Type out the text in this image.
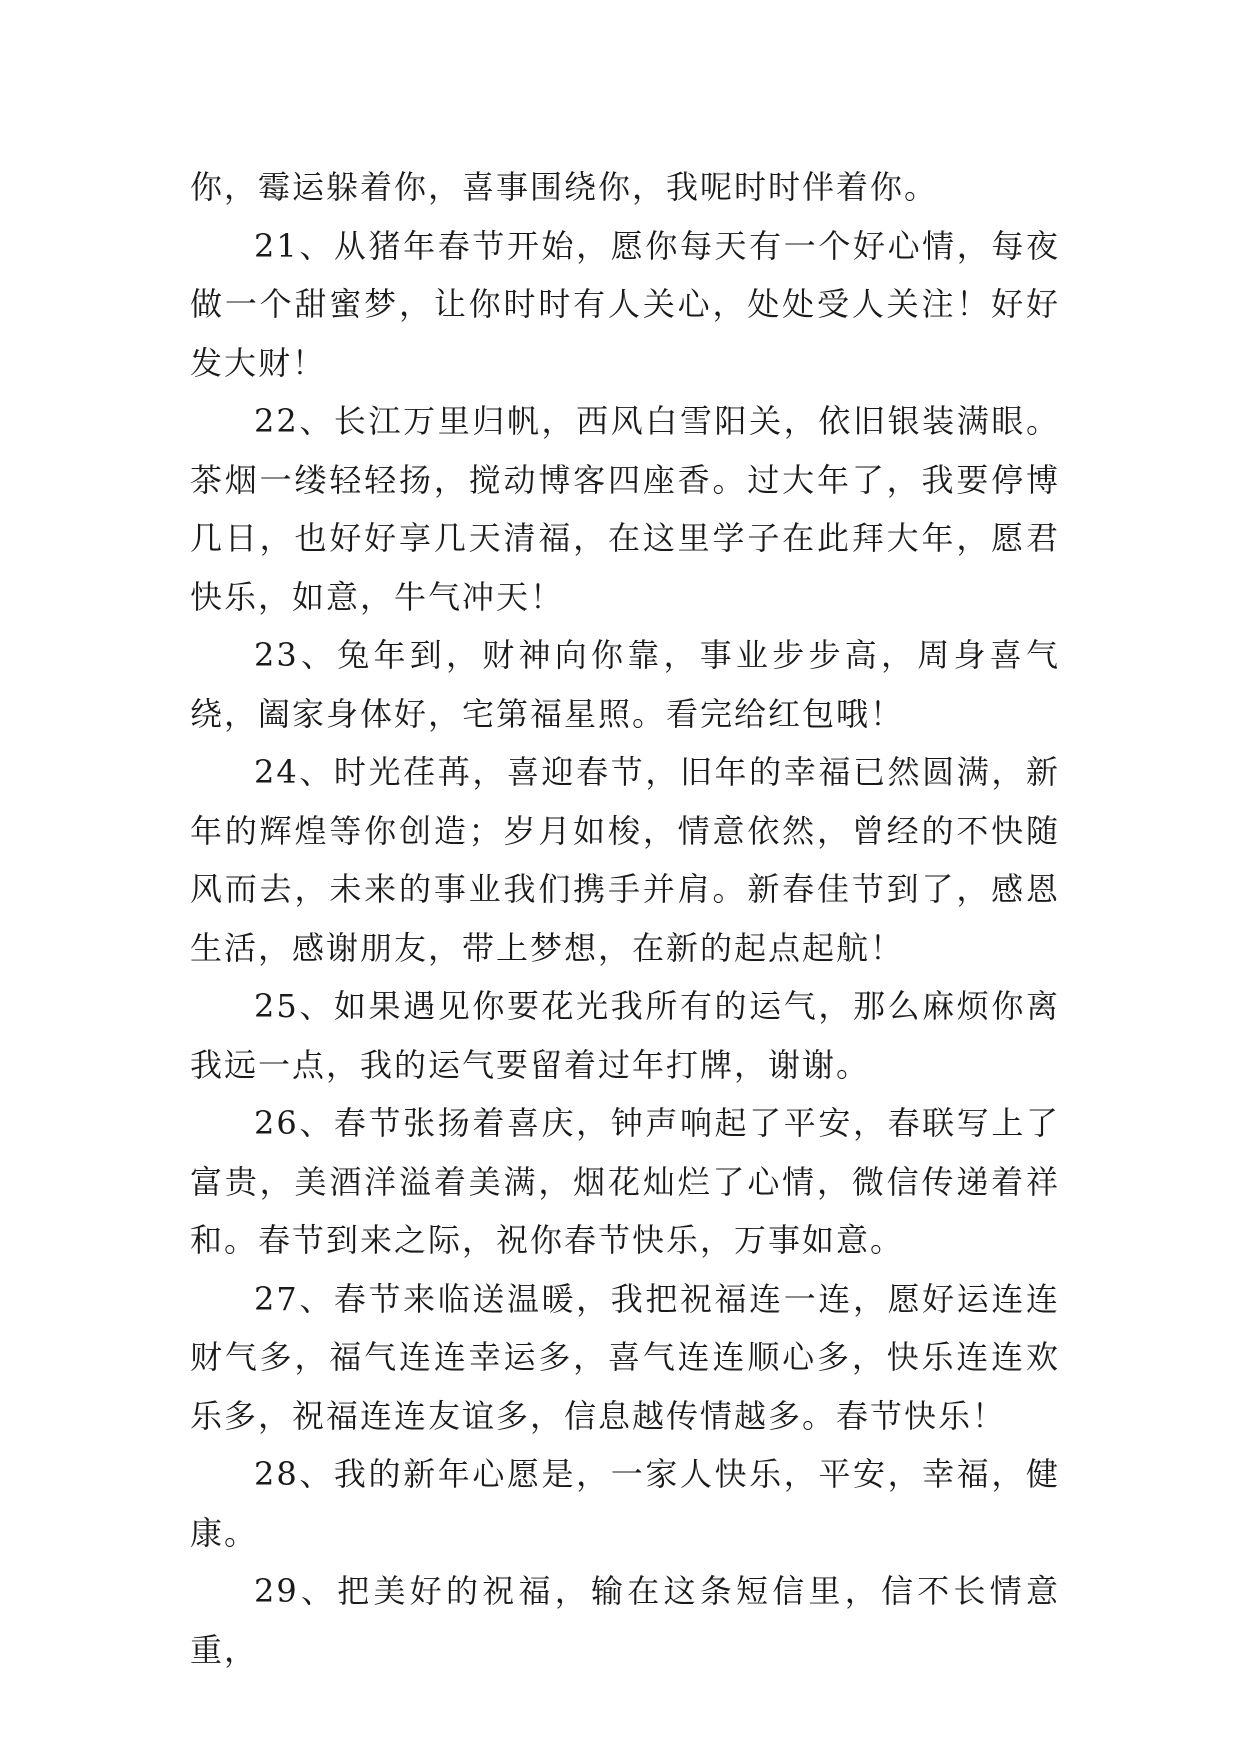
你，霉运躲着你，喜事围绕你，我呢时时伴着你。

21、从猪年春节开始，愿你每天有一个好心情，每夜做一个甜蜜梦，让你时时有人关心，处处受人关注！好好发大财！

22、长江万里归帆，西风白雪阳关，依旧银装满眼。茶烟一缕轻轻扬，搅动博客四座香。过大年了，我要停博几日，也好好享几天清福，在这里学子在此拜大年，愿君快乐，如意，牛气冲天！

23、兔年到，财神向你靠，事业步步高，周身喜气绕，阖家身体好，宅第福星照。看完给红包哦！

24、时光荏苒，喜迎春节，旧年的幸福已然圆满，新年的辉煌等你创造；岁月如梭，情意依然，曾经的不快随风而去，未来的事业我们携手并肩。新春佳节到了，感恩生活，感谢朋友，带上梦想，在新的起点起航！

25、如果遇见你要花光我所有的运气，那么麻烦你离我远一点，我的运气要留着过年打牌，谢谢。

26、春节张扬着喜庆，钟声响起了平安，春联写上了富贵，美酒洋溢着美满，烟花灿烂了心情，微信传递着祥和。春节到来之际，祝你春节快乐，万事如意。

27、春节来临送温暖，我把祝福连一连，愿好运连连财气多，福气连连幸运多，喜气连连顺心多，快乐连连欢乐多，祝福连连友谊多，信息越传情越多。春节快乐！

28、我的新年心愿是，一家人快乐，平安，幸福，健康。

29、把美好的祝福，输在这条短信里，信不长情意重，
